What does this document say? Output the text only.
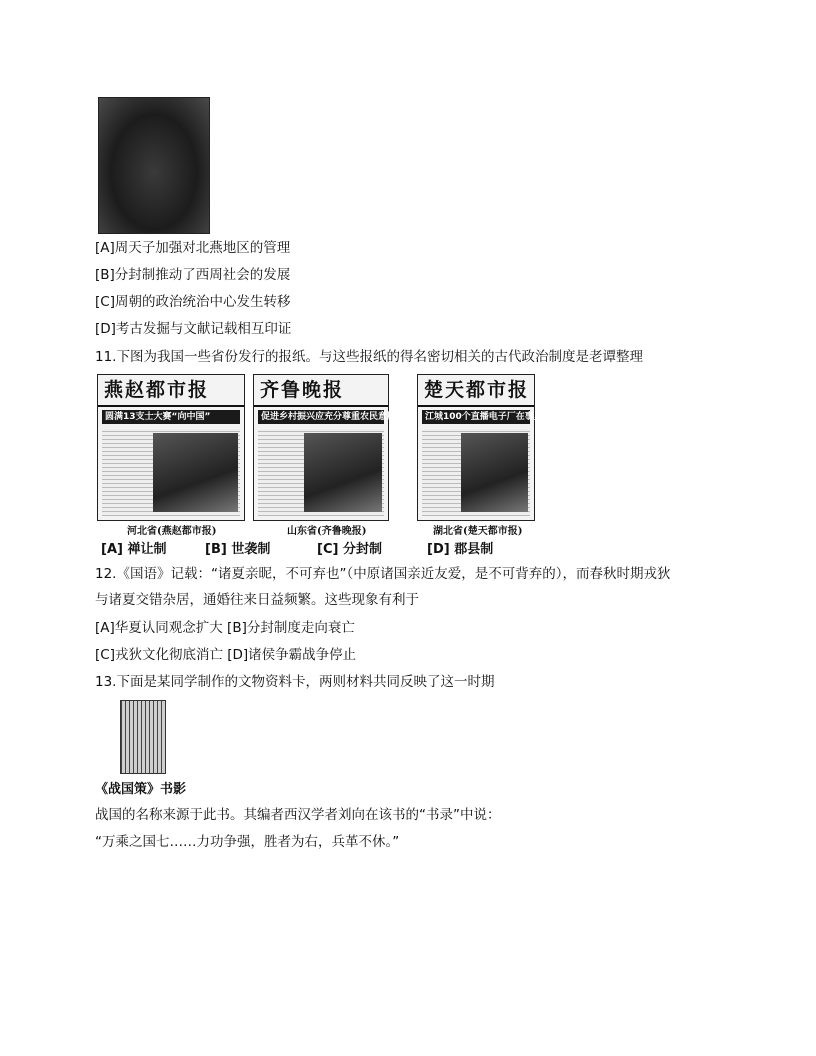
[A]周天子加强对北燕地区的管理
[B]分封制推动了西周社会的发展
[C]周朝的政治统治中心发生转移
[D]考古发掘与文献记载相互印证
11.下图为我国一些省份发行的报纸。与这些报纸的得名密切相关的古代政治制度是老谭整理
燕赵都市报
圆满13支士大赛“向中国”
齐鲁晚报
促进乡村振兴应充分尊重农民意愿
楚天都市报
江城100个直播电子厂在事里
河北省(燕赵都市报)	山东省(齐鲁晚报)	湖北省(楚天都市报)
[A] 禅让制	[B] 世袭制	[C] 分封制	[D] 郡县制
12.《国语》记载：“诸夏亲昵，不可弃也”（中原诸国亲近友爱，是不可背弃的），而春秋时期戎狄
与诸夏交错杂居，通婚往来日益频繁。这些现象有利于
[A]华夏认同观念扩大 [B]分封制度走向衰亡
[C]戎狄文化彻底消亡 [D]诸侯争霸战争停止
13.下面是某同学制作的文物资料卡，两则材料共同反映了这一时期
《战国策》书影
战国的名称来源于此书。其编者西汉学者刘向在该书的“书录”中说：
“万乘之国七……力功争强，胜者为右，兵革不休。”
